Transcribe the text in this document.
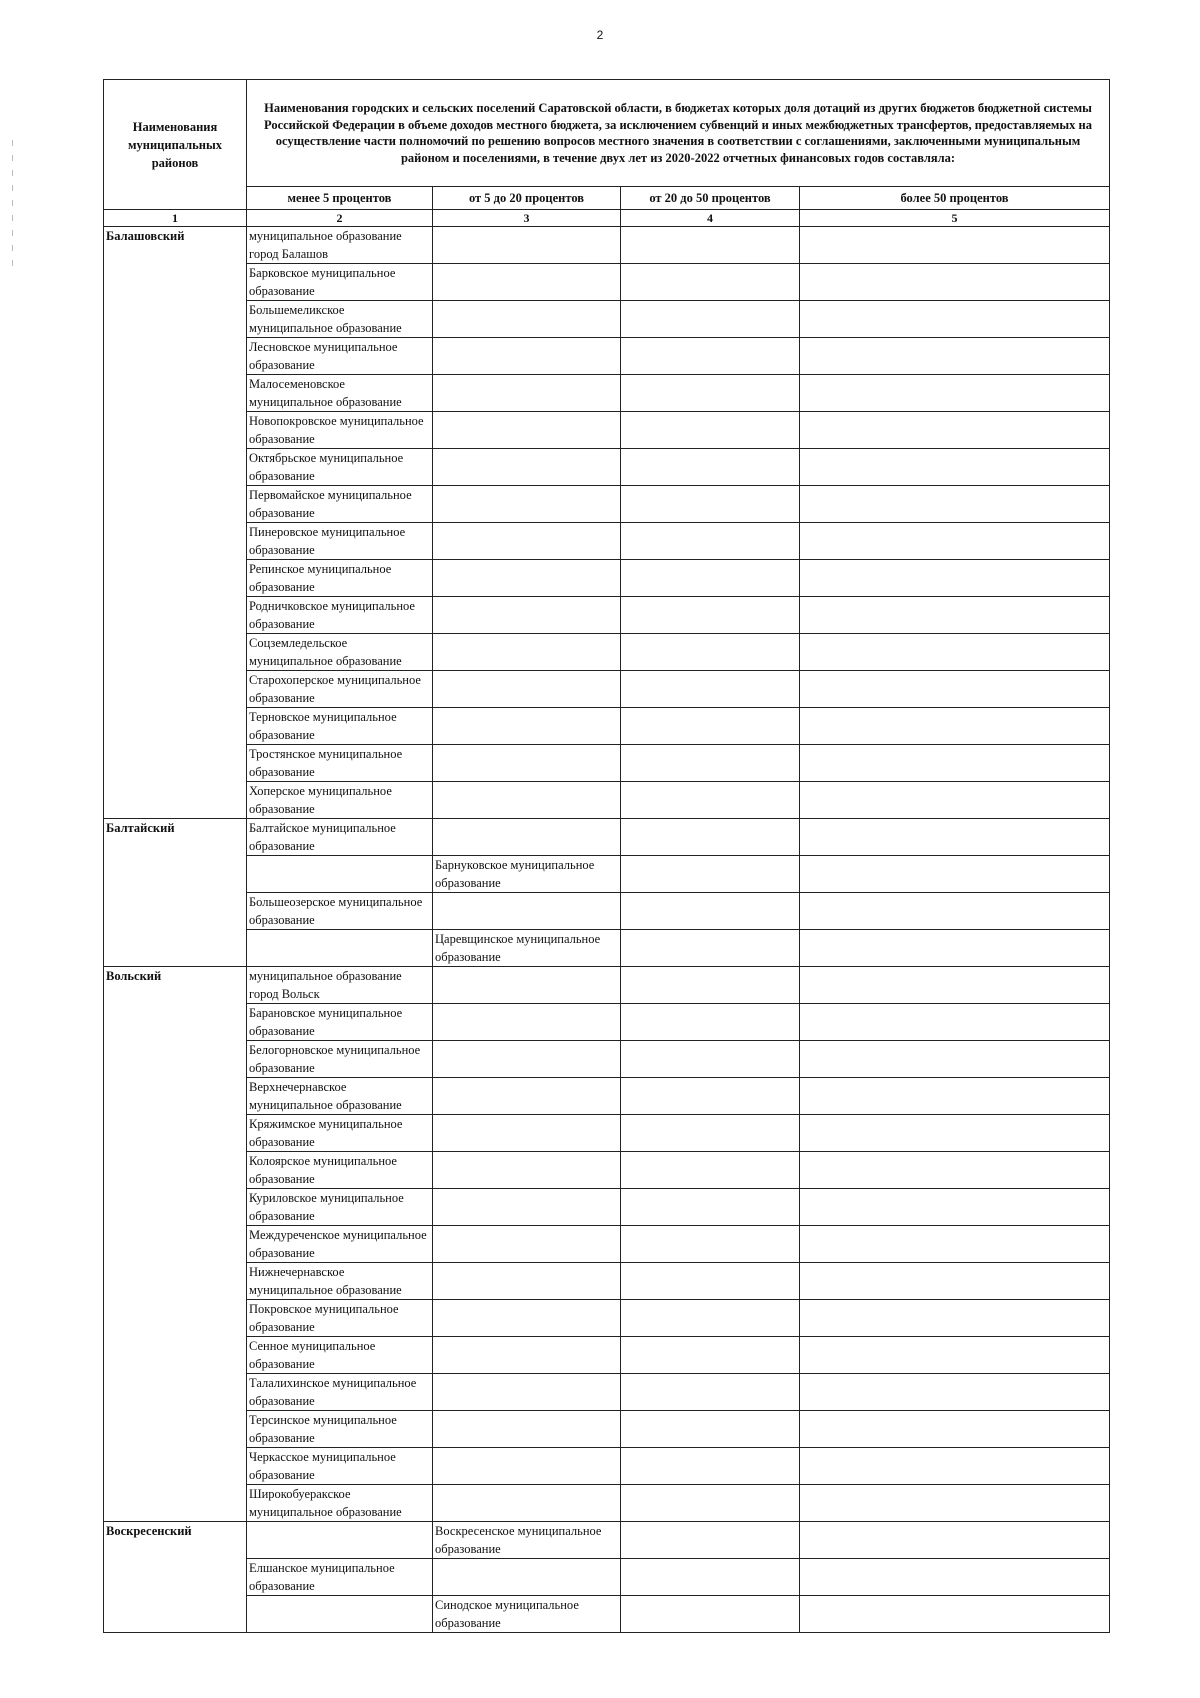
2
Наименования муниципальных районов	Наименования городских и сельских поселений Саратовской области, в бюджетах которых доля дотаций из других бюджетов бюджетной системы Российской Федерации в объеме доходов местного бюджета, за исключением субвенций и иных межбюджетных трансфертов, предоставляемых на осуществление части полномочий по решению вопросов местного значения в соответствии с соглашениями, заключенными муниципальным районом и поселениями, в течение двух лет из 2020-2022 отчетных финансовых годов составляла:				
	менее 5 процентов	от 5 до 20 процентов	от 20 до 50 процентов	более 50 процентов	
1	2	3	4	5	
Балашовский	муниципальное образование город Балашов				
	Барковское муниципальное образование				
	Большемеликское муниципальное образование				
	Лесновское муниципальное образование				
	Малосеменовское муниципальное образование				
	Новопокровское муниципальное образование				
	Октябрьское муниципальное образование				
	Первомайское муниципальное образование				
	Пинеровское муниципальное образование				
	Репинское муниципальное образование				
	Родничковское муниципальное образование				
	Соцземледельское муниципальное образование				
	Старохоперское муниципальное образование				
	Терновское муниципальное образование				
	Тростянское муниципальное образование				
	Хоперское муниципальное образование				
Балтайский	Балтайское муниципальное образование				
		Барнуковское муниципальное образование			
	Большеозерское муниципальное образование				
		Царевщинское муниципальное образование			
Вольский	муниципальное образование город Вольск				
	Барановское муниципальное образование				
	Белогорновское муниципальное образование				
	Верхнечернавское муниципальное образование				
	Кряжимское муниципальное образование				
	Колоярское муниципальное образование				
	Куриловское муниципальное образование				
	Междуреченское муниципальное образование				
	Нижнечернавское муниципальное образование				
	Покровское муниципальное образование				
	Сенное муниципальное образование				
	Талалихинское муниципальное образование				
	Терсинское муниципальное образование				
	Черкасское муниципальное образование				
	Широкобуеракское муниципальное образование				
Воскресенский		Воскресенское муниципальное образование			
	Елшанское муниципальное образование				
		Синодское муниципальное образование			
